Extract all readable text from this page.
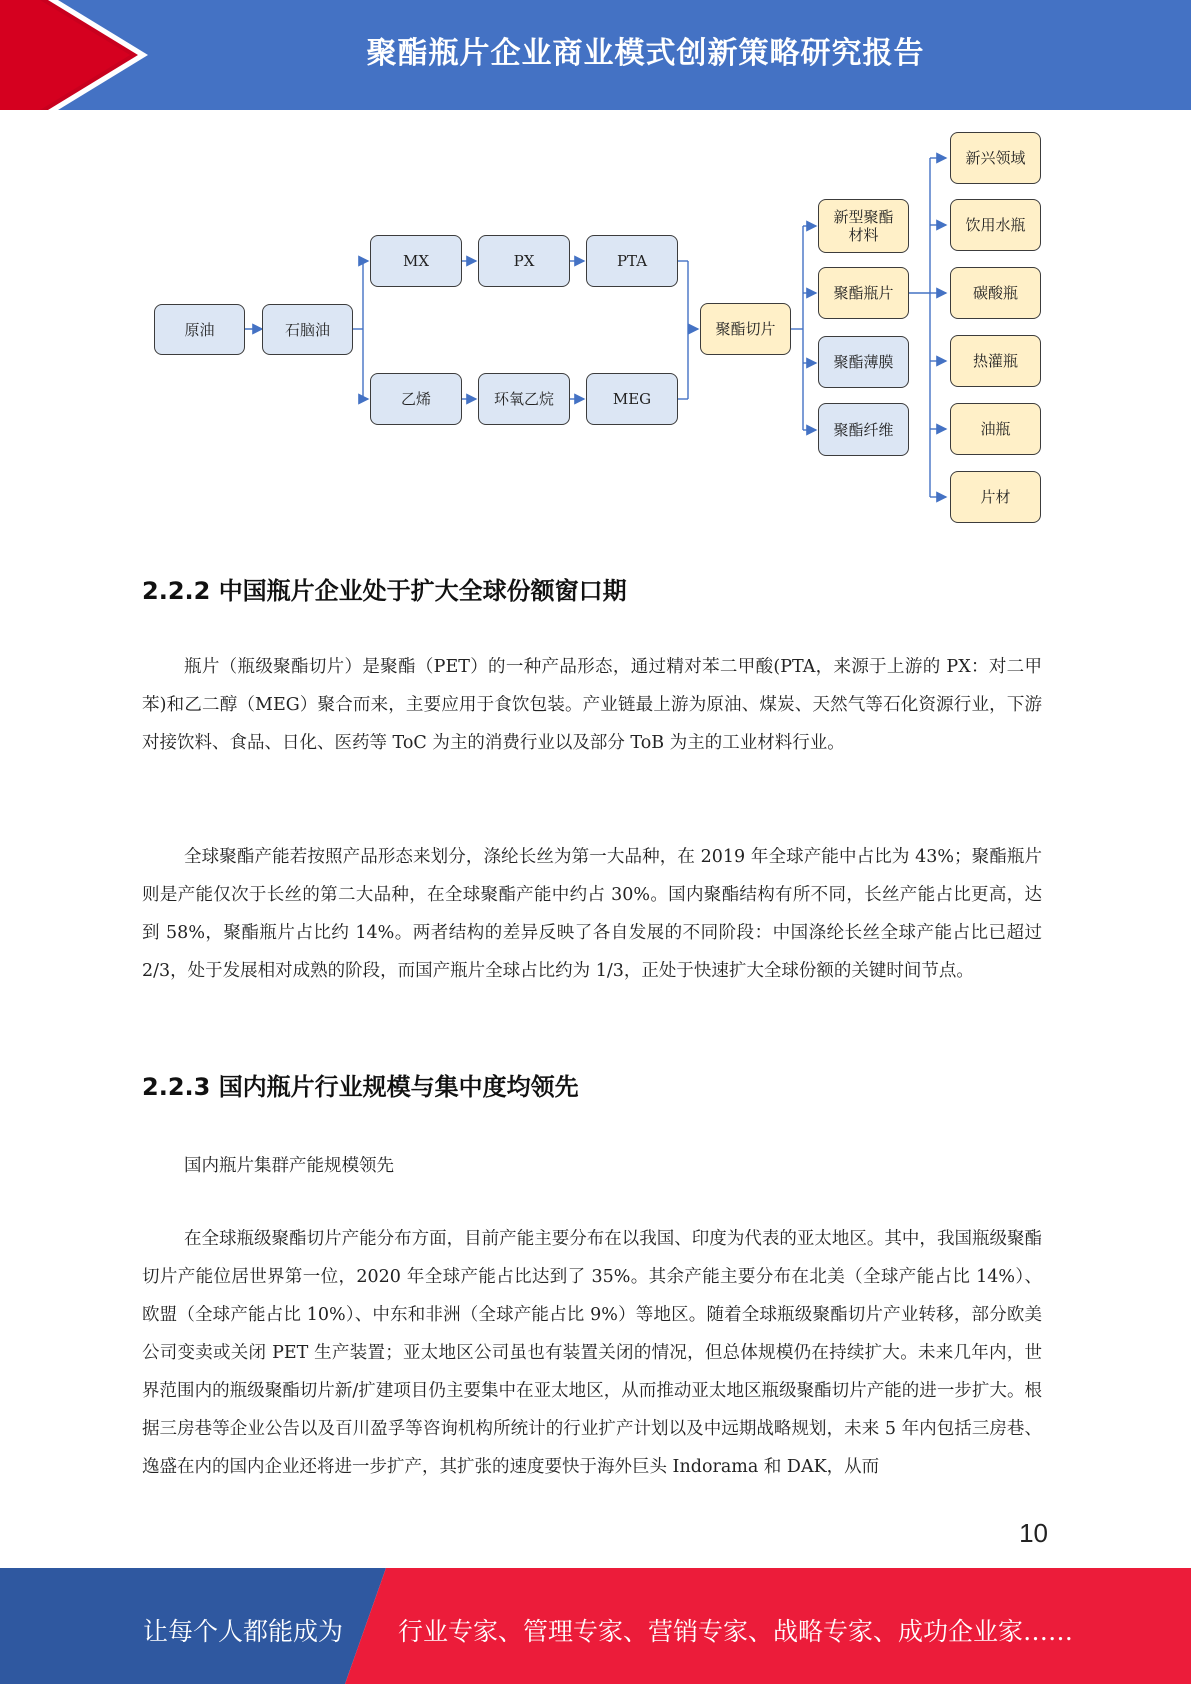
聚酯瓶片企业商业模式创新策略研究报告
原油	石脑油
MX	PX	PTA
乙烯	环氧乙烷	MEG
聚酯切片
新型聚酯材料
聚酯瓶片
聚酯薄膜
聚酯纤维
新兴领域
饮用水瓶
碳酸瓶
热灌瓶
油瓶
片材
2.2.2 中国瓶片企业处于扩大全球份额窗口期
瓶片（瓶级聚酯切片）是聚酯（PET）的一种产品形态，通过精对苯二甲酸(PTA，来源于上游的 PX：对二甲苯)和乙二醇（MEG）聚合而来，主要应用于食饮包装。产业链最上游为原油、煤炭、天然气等石化资源行业，下游对接饮料、食品、日化、医药等 ToC 为主的消费行业以及部分 ToB 为主的工业材料行业。
全球聚酯产能若按照产品形态来划分，涤纶长丝为第一大品种，在 2019 年全球产能中占比为 43%；聚酯瓶片则是产能仅次于长丝的第二大品种，在全球聚酯产能中约占 30%。国内聚酯结构有所不同，长丝产能占比更高，达到 58%，聚酯瓶片占比约 14%。两者结构的差异反映了各自发展的不同阶段：中国涤纶长丝全球产能占比已超过 2/3，处于发展相对成熟的阶段，而国产瓶片全球占比约为 1/3，正处于快速扩大全球份额的关键时间节点。
2.2.3 国内瓶片行业规模与集中度均领先
国内瓶片集群产能规模领先
在全球瓶级聚酯切片产能分布方面，目前产能主要分布在以我国、印度为代表的亚太地区。其中，我国瓶级聚酯切片产能位居世界第一位，2020 年全球产能占比达到了 35%。其余产能主要分布在北美（全球产能占比 14%）、欧盟（全球产能占比 10%）、中东和非洲（全球产能占比 9%）等地区。随着全球瓶级聚酯切片产业转移，部分欧美公司变卖或关闭 PET 生产装置；亚太地区公司虽也有装置关闭的情况，但总体规模仍在持续扩大。未来几年内，世界范围内的瓶级聚酯切片新/扩建项目仍主要集中在亚太地区，从而推动亚太地区瓶级聚酯切片产能的进一步扩大。根据三房巷等企业公告以及百川盈孚等咨询机构所统计的行业扩产计划以及中远期战略规划，未来 5 年内包括三房巷、逸盛在内的国内企业还将进一步扩产，其扩张的速度要快于海外巨头 Indorama 和 DAK，从而
10
让每个人都能成为 行业专家、管理专家、营销专家、战略专家、成功企业家……
